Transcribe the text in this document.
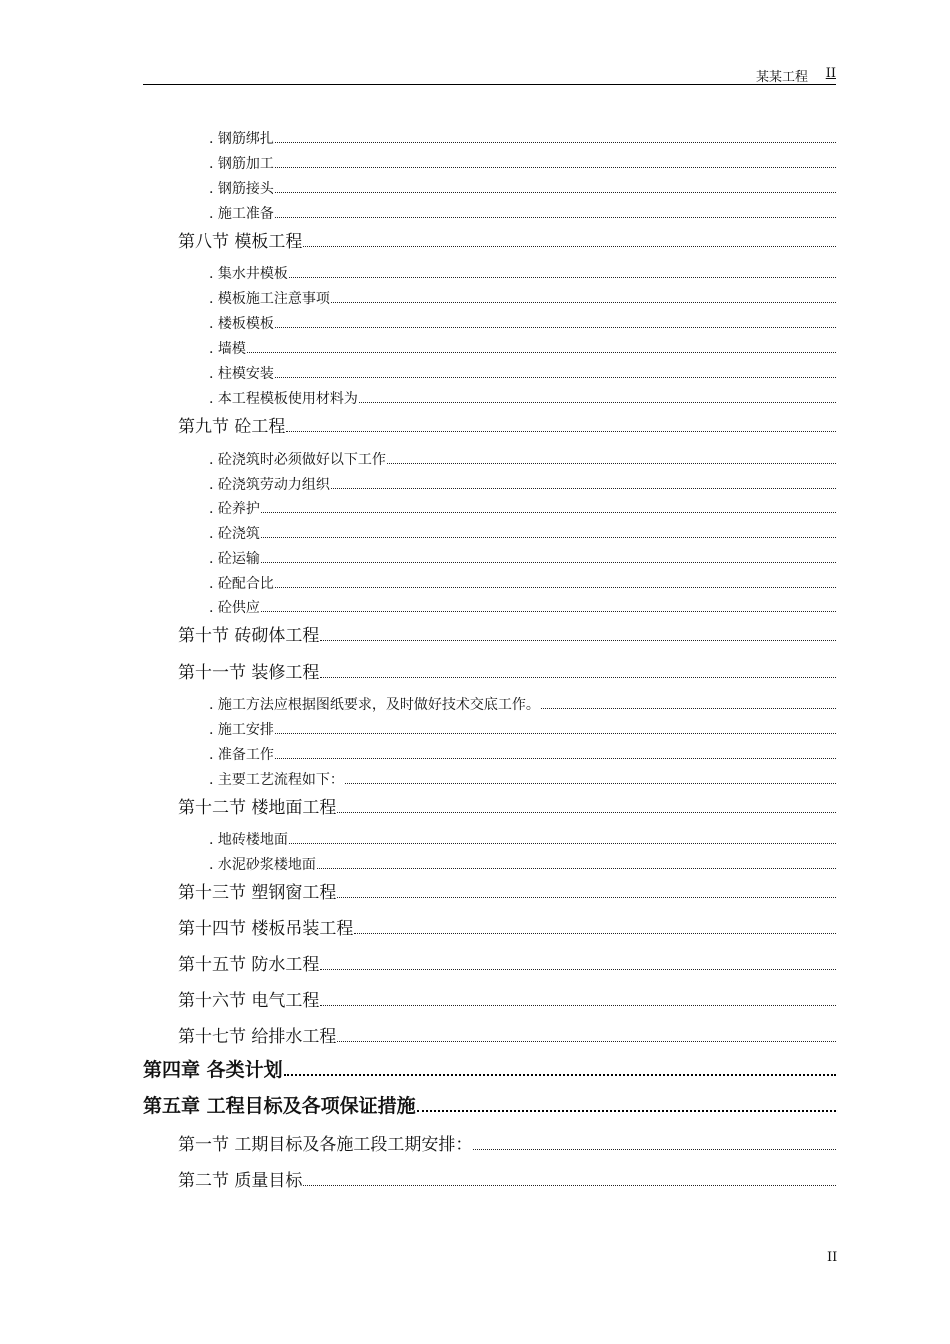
某某工程 II
. 钢筋绑扎
. 钢筋加工
. 钢筋接头
. 施工准备
第八节 模板工程
. 集水井模板
. 模板施工注意事项
. 楼板模板
. 墙模
. 柱模安装
. 本工程模板使用材料为
第九节 砼工程
. 砼浇筑时必须做好以下工作
. 砼浇筑劳动力组织
. 砼养护
. 砼浇筑
. 砼运输
. 砼配合比
. 砼供应
第十节 砖砌体工程
第十一节 装修工程
. 施工方法应根据图纸要求，及时做好技术交底工作。
. 施工安排
. 准备工作
. 主要工艺流程如下：
第十二节 楼地面工程
. 地砖楼地面
. 水泥砂浆楼地面
第十三节 塑钢窗工程
第十四节 楼板吊装工程
第十五节 防水工程
第十六节 电气工程
第十七节 给排水工程
第四章 各类计划
第五章 工程目标及各项保证措施
第一节 工期目标及各施工段工期安排：
第二节 质量目标
II
